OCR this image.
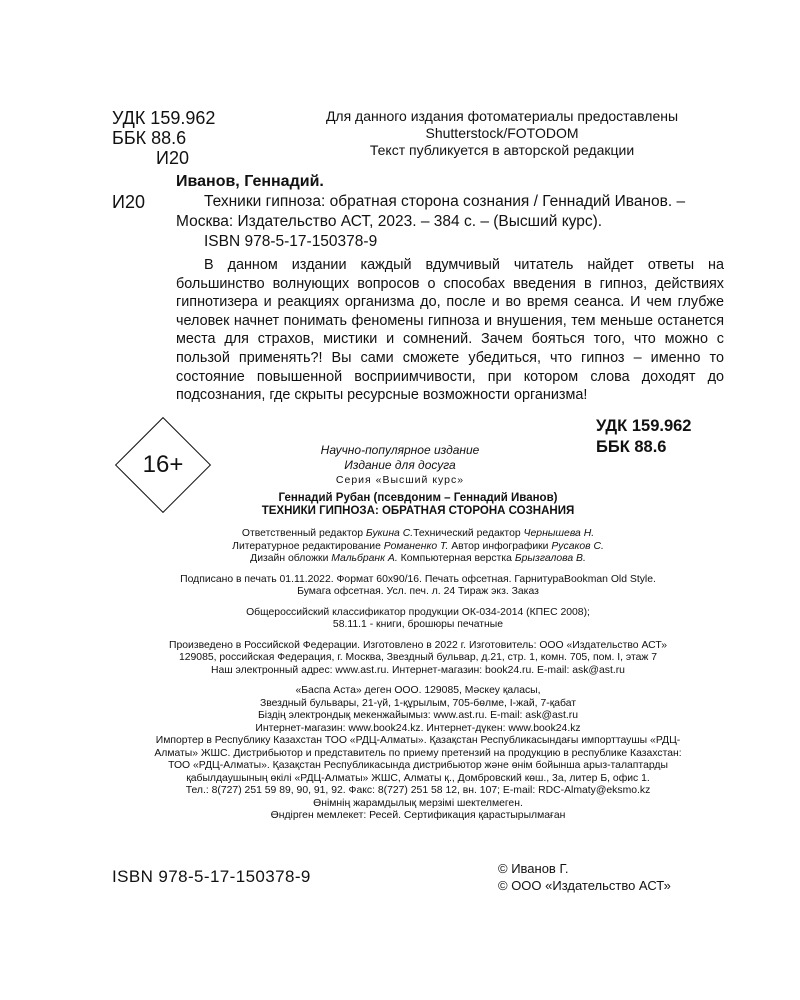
УДК 159.962
ББК 88.6
И20
Для данного издания фотоматериалы предоставлены
Shutterstock/FOTODOM
Текст публикуется в авторской редакции
И20
Иванов, Геннадий.
Техники гипноза: обратная сторона сознания / Геннадий Иванов. – Москва: Издательство АСТ, 2023. – 384 с. – (Высший курс).
ISBN 978-5-17-150378-9
В данном издании каждый вдумчивый читатель найдет ответы на большинство волнующих вопросов о способах введения в гипноз, действиях гипнотизера и реакциях организма до, после и во время сеанса. И чем глубже человек начнет понимать феномены гипноза и внушения, тем меньше останется места для страхов, мистики и сомнений. Зачем бояться того, что можно с пользой применять?! Вы сами сможете убедиться, что гипноз – именно то состояние повышенной восприимчивости, при котором слова доходят до подсознания, где скрыты ресурсные возможности организма!
УДК 159.962
ББК 88.6
16+
Научно-популярное издание
Издание для досуга
Серия «Высший курс»
Геннадий Рубан (псевдоним – Геннадий Иванов)
ТЕХНИКИ ГИПНОЗА: ОБРАТНАЯ СТОРОНА СОЗНАНИЯ
Ответственный редактор Букина С.Технический редактор Чернышева Н.
Литературное редактирование Романенко Т. Автор инфографики Русаков С.
Дизайн обложки Мальбранк А. Компьютерная верстка Брызгалова В.
Подписано в печать 01.11.2022. Формат 60x90/16. Печать офсетная. ГарнитураBookman Old Style.
Бумага офсетная. Усл. печ. л. 24 Тираж экз. Заказ
Общероссийский классификатор продукции ОК-034-2014 (КПЕС 2008);
58.11.1 - книги, брошюры печатные
Произведено в Российской Федерации. Изготовлено в 2022 г. Изготовитель: ООО «Издательство АСТ»
129085, российская Федерация, г. Москва, Звездный бульвар, д.21, стр. 1, комн. 705, пом. I, этаж 7
Наш электронный адрес: www.ast.ru. Интернет-магазин: book24.ru. E-mail: ask@ast.ru
«Баспа Аста» деген ООО. 129085, Мәскеу қаласы,
Звездный бульвары, 21-үй, 1-құрылым, 705-бөлме, I-жай, 7-қабат
Біздің электрондық мекенжайымыз: www.ast.ru. E-mail: ask@ast.ru
Интернет-магазин: www.book24.kz. Интернет-дүкен: www.book24.kz
Импортер в Республику Казахстан ТОО «РДЦ-Алматы». Қазақстан Республикасындағы импорттаушы «РДЦ-
Алматы» ЖШС. Дистрибьютор и представитель по приему претензий на продукцию в республике Казахстан:
ТОО «РДЦ-Алматы». Қазақстан Республикасында дистрибьютор және өнім бойынша арыз-талаптарды
қабылдаушының өкілі «РДЦ-Алматы» ЖШС, Алматы қ., Домбровский көш., 3а, литер Б, офис 1.
Тел.: 8(727) 251 59 89, 90, 91, 92. Факс: 8(727) 251 58 12, вн. 107; E-mail: RDC-Almaty@eksmo.kz
Өнімнің жарамдылық мерзімі шектелмеген.
Өндірген мемлекет: Ресей. Сертификация қарастырылмаған
ISBN 978-5-17-150378-9	© Иванов Г.
© ООО «Издательство АСТ»
